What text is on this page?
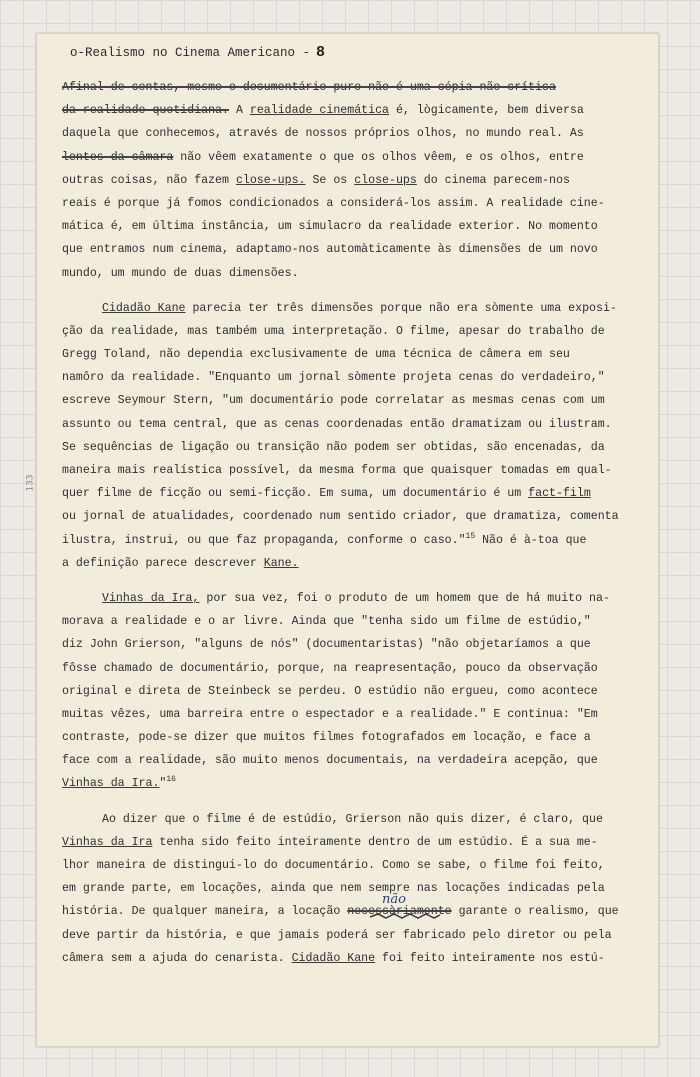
o-Realismo no Cinema Americano - 8
133
Afinal de contas, mesmo o documentário puro não é uma cópia não-crítica
da realidade quotidiana. A realidade cinemática é, lògicamente, bem diversa
daquela que conhecemos, através de nossos próprios olhos, no mundo real. As
lentes da câmara não vêem exatamente o que os olhos vêem, e os olhos, entre
outras coisas, não fazem close-ups. Se os close-ups do cinema parecem-nos
reais é porque já fomos condicionados a considerá-los assim. A realidade cine-
mática é, em última instância, um simulacro da realidade exterior. No momento
que entramos num cinema, adaptamo-nos automàticamente às dimensões de um novo
mundo, um mundo de duas dimensões.
Cidadão Kane parecia ter três dimensões porque não era sòmente uma exposi-
ção da realidade, mas também uma interpretação. O filme, apesar do trabalho de
Gregg Toland, não dependia exclusivamente de uma técnica de câmera em seu
namôro da realidade. "Enquanto um jornal sòmente projeta cenas do verdadeiro,"
escreve Seymour Stern, "um documentário pode correlatar as mesmas cenas com um
assunto ou tema central, que as cenas coordenadas então dramatizam ou ilustram.
Se sequências de ligação ou transição não podem ser obtidas, são encenadas, da
maneira mais realística possível, da mesma forma que quaisquer tomadas em qual-
quer filme de ficção ou semi-ficção. Em suma, um documentário é um fact-film
ou jornal de atualidades, coordenado num sentido criador, que dramatiza, comenta
ilustra, instrui, ou que faz propaganda, conforme o caso."$^{15}$ Não é à-toa que
a definição parece descrever Kane.
Vinhas da Ira, por sua vez, foi o produto de um homem que de há muito na-
morava a realidade e o ar livre. Ainda que "tenha sido um filme de estúdio,"
diz John Grierson, "alguns de nós" (documentaristas) "não objetaríamos a que
fôsse chamado de documentário, porque, na reapresentação, pouco da observação
original e direta de Steinbeck se perdeu. O estúdio não ergueu, como acontece
muitas vêzes, uma barreira entre o espectador e a realidade." E continua: "Em
contraste, pode-se dizer que muitos filmes fotografados em locação, e face a
face com a realidade, são muito menos documentais, na verdadeira acepção, que
Vinhas da Ira."$^{16}$
Ao dizer que o filme é de estúdio, Grierson não quis dizer, é claro, que
Vinhas da Ira tenha sido feito inteiramente dentro de um estúdio. É a sua me-
lhor maneira de distingui-lo do documentário. Como se sabe, o filme foi feito,
em grande parte, em locações, ainda que nem sempre nas locações indicadas pela
história. De qualquer maneira, a locação necessàriamente garante o realismo, que
deve partir da história, e que jamais poderá ser fabricado pelo diretor ou pela
câmera sem a ajuda do cenarista. Cidadão Kane foi feito inteiramente nos estú-
não
